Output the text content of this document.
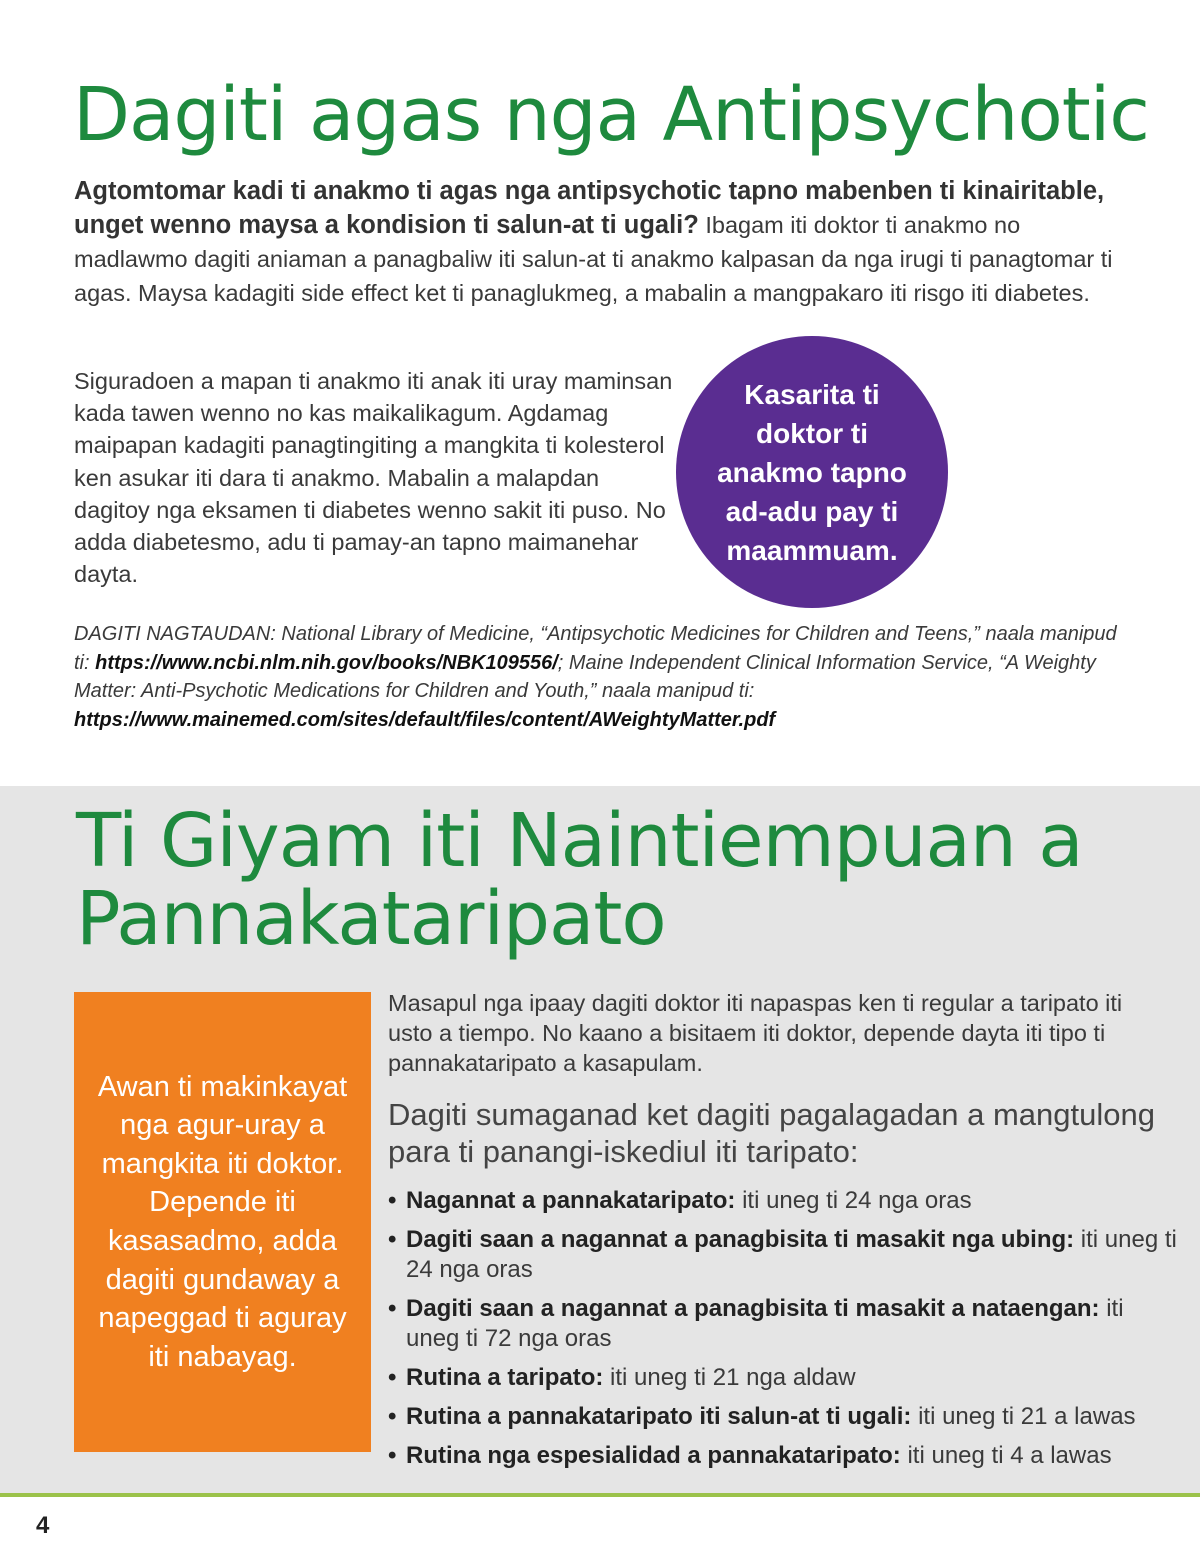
Dagiti agas nga Antipsychotic

Agtomtomar kadi ti anakmo ti agas nga antipsychotic tapno mabenben ti kinairitable, unget wenno maysa a kondision ti salun-at ti ugali? Ibagam iti doktor ti anakmo no madlawmo dagiti aniaman a panagbaliw iti salun-at ti anakmo kalpasan da nga irugi ti panagtomar ti agas. Maysa kadagiti side effect ket ti panaglukmeg, a mabalin a mangpakaro iti risgo iti diabetes.

Siguradoen a mapan ti anakmo iti anak iti uray maminsan kada tawen wenno no kas maikalikagum. Agdamag maipapan kadagiti panagtingiting a mangkita ti kolesterol ken asukar iti dara ti anakmo. Mabalin a malapdan dagitoy nga eksamen ti diabetes wenno sakit iti puso. No adda diabetesmo, adu ti pamay-an tapno maimanehar dayta.

Kasarita ti doktor ti anakmo tapno ad-adu pay ti maammuam.

DAGITI NAGTAUDAN: National Library of Medicine, “Antipsychotic Medicines for Children and Teens,” naala manipud ti: https://www.ncbi.nlm.nih.gov/books/NBK109556/; Maine Independent Clinical Information Service, “A Weighty Matter: Anti-Psychotic Medications for Children and Youth,” naala manipud ti: https://www.mainemed.com/sites/default/files/content/AWeightyMatter.pdf

Ti Giyam iti Naintiempuan a Pannakataripato
Awan ti makinkayat nga agur-uray a mangkita iti doktor. Depende iti kasasadmo, adda dagiti gundaway a napeggad ti aguray iti nabayag.

Masapul nga ipaay dagiti doktor iti napaspas ken ti regular a taripato iti usto a tiempo. No kaano a bisitaem iti doktor, depende dayta iti tipo ti pannakataripato a kasapulam.

Dagiti sumaganad ket dagiti pagalagadan a mangtulong para ti panangi-iskediul iti taripato:

• Nagannat a pannakataripato: iti uneg ti 24 nga oras
• Dagiti saan a nagannat a panagbisita ti masakit nga ubing: iti uneg ti 24 nga oras
• Dagiti saan a nagannat a panagbisita ti masakit a nataengan: iti uneg ti 72 nga oras
• Rutina a taripato: iti uneg ti 21 nga aldaw
• Rutina a pannakataripato iti salun-at ti ugali: iti uneg ti 21 a lawas
• Rutina nga espesialidad a pannakataripato: iti uneg ti 4 a lawas
4
